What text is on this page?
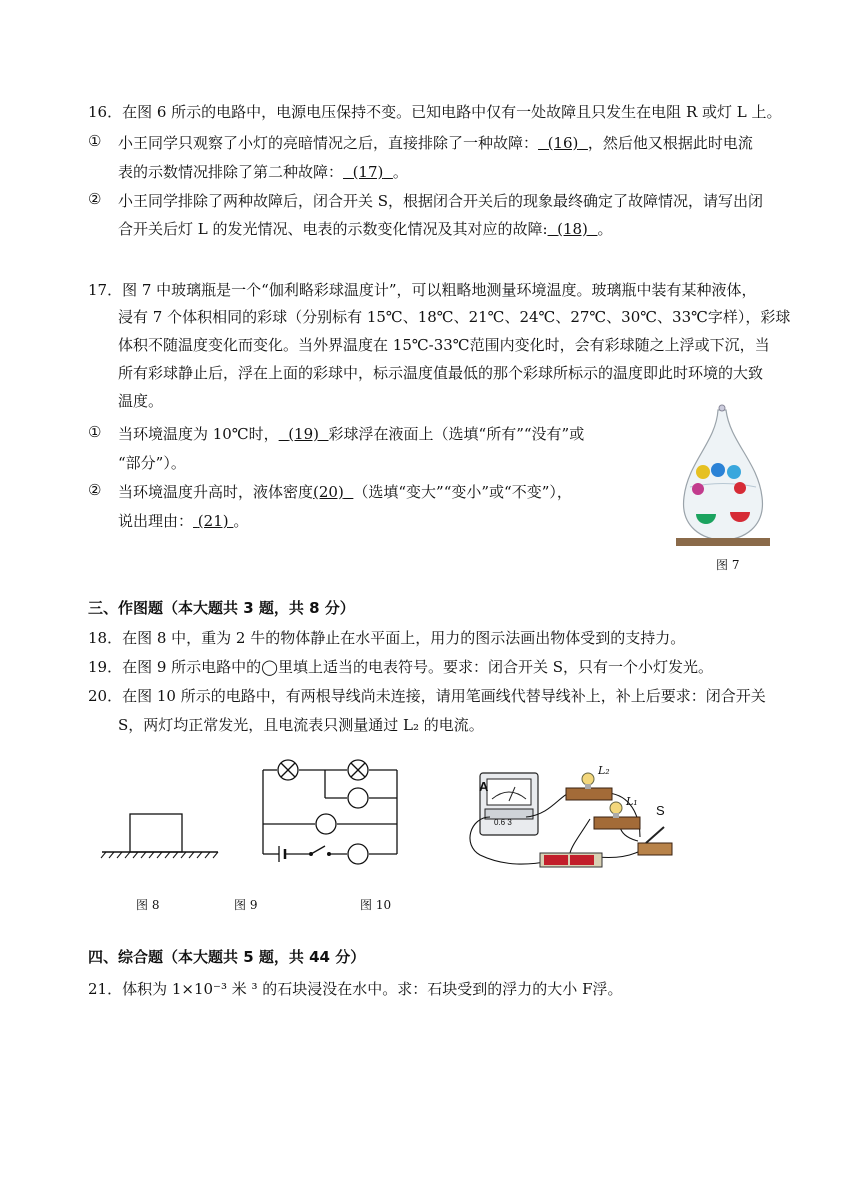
16．在图 6 所示的电路中，电源电压保持不变。已知电路中仅有一处故障且只发生在电阻 R 或灯 L 上。
① 小王同学只观察了小灯的亮暗情况之后，直接排除了一种故障： (16) ，然后他又根据此时电流
表的示数情况排除了第二种故障： (17) 。
② 小王同学排除了两种故障后，闭合开关 S，根据闭合开关后的现象最终确定了故障情况，请写出闭
合开关后灯 L 的发光情况、电表的示数变化情况及其对应的故障: (18) 。
17．图 7 中玻璃瓶是一个“伽利略彩球温度计”，可以粗略地测量环境温度。玻璃瓶中装有某种液体，
浸有 7 个体积相同的彩球（分别标有 15℃、18℃、21℃、24℃、27℃、30℃、33℃字样），彩球
体积不随温度变化而变化。当外界温度在 15℃-33℃范围内变化时，会有彩球随之上浮或下沉，当
所有彩球静止后，浮在上面的彩球中，标示温度值最低的那个彩球所标示的温度即此时环境的大致
温度。
① 当环境温度为 10℃时， (19) 彩球浮在液面上（选填“所有”“没有”或
“部分”）。
② 当环境温度升高时，液体密度(20) （选填“变大”“变小”或“不变”），
说出理由： (21) 。
图 7
三、作图题（本大题共 3 题，共 8 分）
18．在图 8 中，重为 2 牛的物体静止在水平面上，用力的图示法画出物体受到的支持力。
19．在图 9 所示电路中的◯里填上适当的电表符号。要求：闭合开关 S，只有一个小灯发光。
20．在图 10 所示的电路中，有两根导线尚未连接，请用笔画线代替导线补上，补上后要求：闭合开关
S，两灯均正常发光，且电流表只测量通过 L₂ 的电流。
图 8	图 9
A
0.6 3
L₂
L₁
S
图 10
四、综合题（本大题共 5 题，共 44 分）
21．体积为 1×10⁻³ 米 ³ 的石块浸没在水中。求：石块受到的浮力的大小 F浮。
